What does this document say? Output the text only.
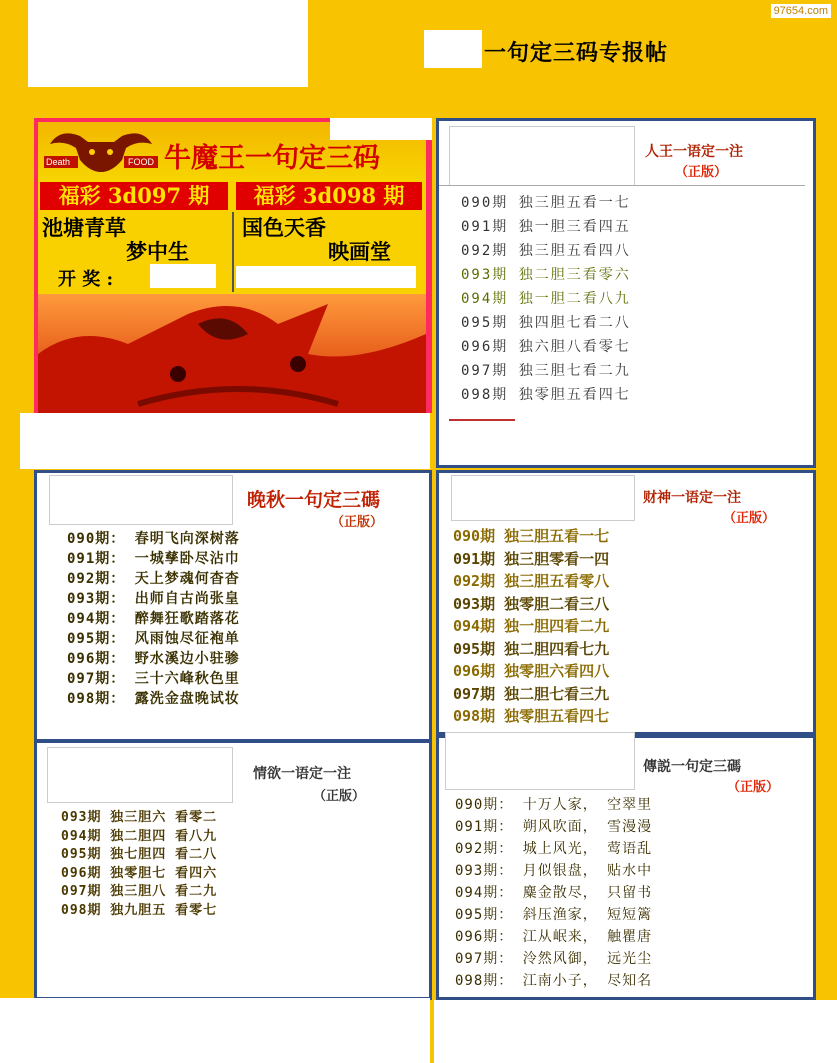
一句定三码专报帖
97654.com
Death	FOOD 牛魔王一句定三码
福彩 3d097 期	福彩 3d098 期
池塘青草
梦中生
国色天香
映画堂
开 奖 :
人王一语定一注
（正版）
090期 独三胆五看一七
091期 独一胆三看四五
092期 独三胆五看四八
093期 独二胆三看零六
094期 独一胆二看八九
095期 独四胆七看二八
096期 独六胆八看零七
097期 独三胆七看二九
098期 独零胆五看四七
晚秋一句定三碼
（正版）
090期： 春明飞向深树落
091期： 一城孳卧尽沾巾
092期： 天上梦魂何杳杳
093期： 出师自古尚张皇
094期： 醉舞狂歌踏落花
095期： 风雨蚀尽征袍单
096期： 野水溪边小驻骖
097期： 三十六峰秋色里
098期： 露洗金盘晚试妆
财神一语定一注
（正版）
090期 独三胆五看一七
091期 独三胆零看一四
092期 独三胆五看零八
093期 独零胆二看三八
094期 独一胆四看二九
095期 独二胆四看七九
096期 独零胆六看四八
097期 独二胆七看三九
098期 独零胆五看四七
情欲一语定一注
（正版）
093期 独三胆六 看零二
094期 独二胆四 看八九
095期 独七胆四 看二八
096期 独零胆七 看四六
097期 独三胆八 看二九
098期 独九胆五 看零七
傳説一句定三碼
（正版）
090期： 十万人家， 空翠里
091期： 朔风吹面， 雪漫漫
092期： 城上风光， 莺语乱
093期： 月似银盘， 贴水中
094期： 麋金散尽， 只留书
095期： 斜压渔家， 短短篱
096期： 江从岷来， 触瞿唐
097期： 泠然风御， 远光尘
098期： 江南小子， 尽知名
